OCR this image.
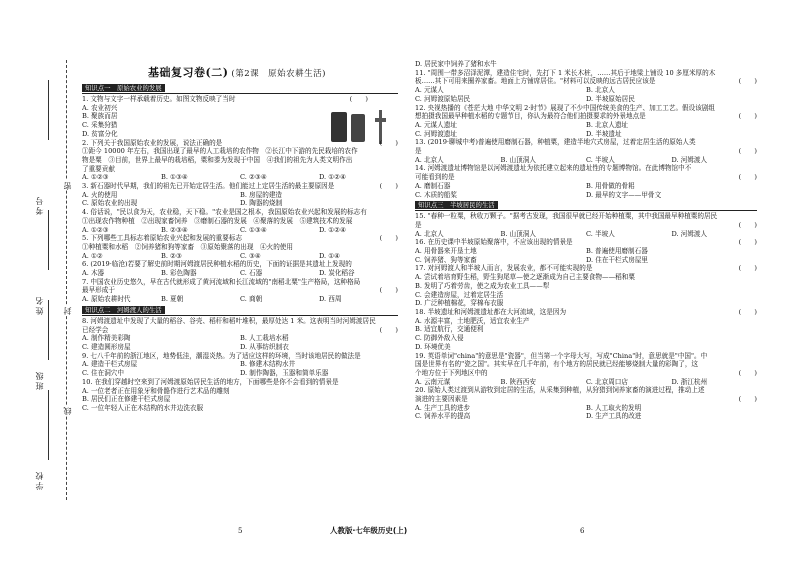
考号
姓名
班级
学校
密
封
线
基础复习卷(二) (第2课　原始农耕生活)
知识点一　原始农业的发展

1. 文物与文字一样承载着历史。如图文物反映了当时	(　　)

A. 农业初兴

B. 聚族而居

C. 采集狩猎

D. 贫富分化

2. 下列关于我国原始农业的发展，说法正确的是	(　　)

①距今 10000 年左右，我国出现了最早的人工栽培的农作物　②长江中下游的先民栽培的农作

物是粟　③目前，世界上最早的栽培稻，粟和黍为发现于中国　④我们的祖先为人类文明作出

了重要贡献

A. ①②③	B. ①③④	C. ②③④	D. ①②④

3. 新石器时代早期，我们的祖先已开始定居生活。他们能过上定居生活的最主要原因是	(　　)

A. 火的使用	B. 房屋的建造
C. 原始农业的出现	D. 陶器的烧制

4. 俗话说，"民以食为天，农业稳，天下稳。"农业是国之根本，我国原始农业兴起和发展的标志有

①出现农作物种植　②出现家畜饲养　③磨制石器的发展　④聚落的发展　⑤建筑技术的发展

A. ①②③	B. ②③④	C. ①③④	D. ①②④

5. 下列哪些工具标志着原始农业兴起和发展的重要标志	(　　)

①种植粟和水稻　②饲养猪和狗等家畜　③原始聚落的出现　④火的使用

A. ①②	B. ②③	C. ③④	D. ①④

6. (2019·临沧)若要了解史前时期河姆渡居民种植水稻的历史，下面的证据是其遗址上发现的

A. 木器	B. 彩色陶器	C. 石器	D. 炭化稻谷

7. 中国农业历史悠久，早在古代就形成了黄河流域和长江流域的"南稻北粟"生产格局，这种格局

最早形成于	(　　)

A. 原始农耕时代	B. 夏朝	C. 商朝	D. 西周
知识点二　河姆渡人的生活

8. 河姆渡遗址中发现了大量的稻谷、谷壳、稻秆和稻叶堆积，最厚处达 1 米。这表明当时河姆渡居民

已经学会	(　　)

A. 制作精美彩陶	B. 人工栽培水稻
C. 建造圆形房屋	D. 从事纺织制衣

9. 七八千年前的浙江地区，地势低洼，潮湿炎热。为了适应这样的环境，当时该地居民的做法是

A. 建造干栏式房屋	B. 修建木结构水井
C. 住在洞穴中	D. 制作陶器，玉器和简单乐器

10. 在我们穿越时空来到了河姆渡原始居民生活的地方，下面哪些是你不会看到的情景是

A. 一位老者正在用象牙和骨骼作进行艺术品的雕刻

B. 居民们正在修建干栏式房屋

C. 一位年轻人正在木结构的水井边洗衣服

D. 居民家中饲养了猪和水牛

11. "周围一带多沼泽泥潭，建造住宅时，先打下 1 米长木桩，……其后于地梁上铺设 10 多厘米厚的木

板……其下可用来圈养家畜。地面上方铺席居住。"材料可以反映的远古居民应该是	(　　)

A. 元谋人	B. 北京人
C. 河姆渡原始居民	D. 半坡原始居民

12. 央视热播的《苍茫大地 中华文明 2·时节》展现了不少中国传统美食的生产、加工工艺。假设该剧组

想拍摄我国最早种植水稻的专题节目，你认为最符合他们拍摄要求的外景地点是	(　　)

A. 元谋人遗址	B. 北京人遗址
C. 河姆渡遗址	D. 半坡遗址

13. (2019·聊城中考)普遍使用磨制石器，种植粟，建造半地穴式房屋，过着定居生活的原始人类

是	(　　)

A. 北京人	B. 山顶洞人	C. 半坡人	D. 河姆渡人

14. 河姆渡遗址博物馆是以河姆渡遗址为依托建立起来的遗址性的专题博物馆。在此博物馆中不

可能看到的是	(　　)

A. 磨制石器	B. 用骨做的骨耜
C. 木质的船桨	D. 最早的文字——甲骨文
知识点三　半坡居民的生活

15. "春种一粒粟，秋收万颗子。"据考古发现，我国很早就已经开始种植粟，其中我国最早种植粟的居民

是	(　　)

A. 北京人	B. 山顶洞人	C. 半坡人	D. 河姆渡人

16. 在历史课中半坡原始聚落中，不应该出现的情景是	(　　)

A. 用骨器来开垦土地	B. 普遍使用磨制石器
C. 饲养猪、狗等家畜	D. 住在干栏式房屋里

17. 对河姆渡人和半坡人而言，发展农业，都不可能实现的是	(　　)

A. 尝试着培育野生稻，野生狗尾草—使之逐渐成为自己主要食物——稻和粟

B. 发明了巧着劳齿，使之成为农业工具——犁

C. 会建造房屋，过着定居生活

D. 广泛种植棉花，穿棉布衣服

18. 半坡遗址和河姆渡遗址都在大河流域，这是因为	(　　)

A. 水源丰富，土地肥沃，适宜农业生产

B. 适宜航行，交通便利

C. 防御外敌入侵

D. 环境优美

19. 英语单词"china"的意思是"瓷器"，但当第一个字母大写，写成"China"时，意思就是"中国"。中

国是世界有名的"瓷之国"。其实早在几千年前，有个地方的居民就已经能够烧制大量的彩陶了，这

个地方位于下列地区中的	(　　)

A. 云南元谋	B. 陕西西安	C. 北京周口店	D. 浙江杭州

20. 原始人类过渡到从游牧到定居的生活，从采集到种植，从狩猎到饲养家畜的演进过程，推动上述

演进的主要因素是	(　　)

A. 生产工具的进步	B. 人工取火的发明
C. 饲养水平的提高	D. 生产工具的改进
5	人教版·七年级历史(上)	6
